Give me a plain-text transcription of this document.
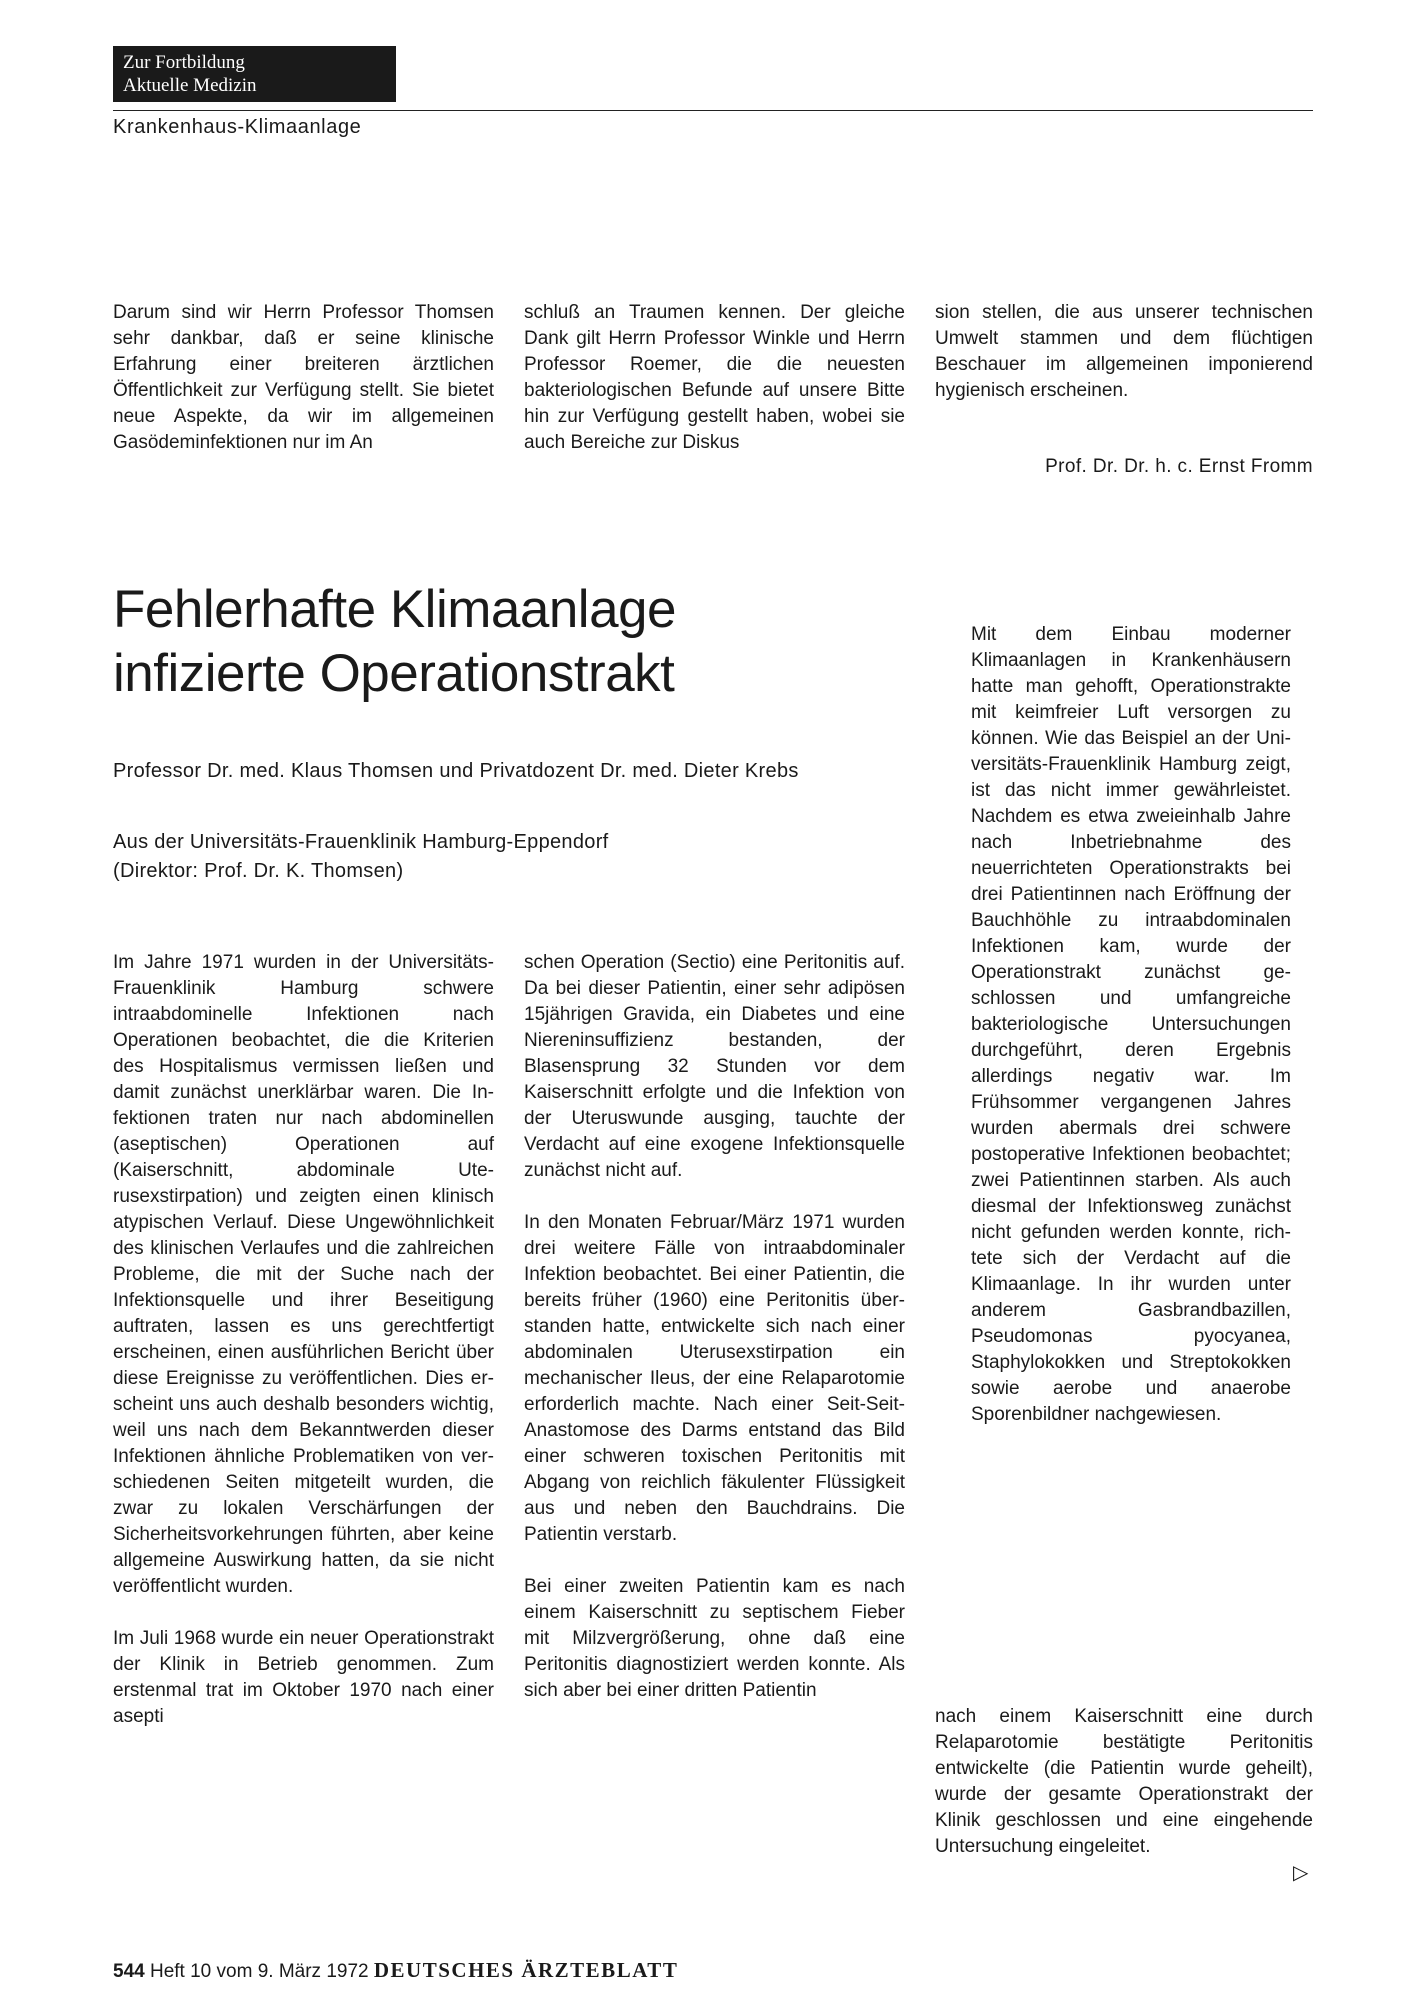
Zur Fortbildung
Aktuelle Medizin
Krankenhaus-Klimaanlage

Darum sind wir Herrn Professor Thomsen sehr dankbar, daß er seine klinische Erfahrung einer breiteren ärztlichen Öffentlichkeit zur Verfügung stellt. Sie bietet neue Aspekte, da wir im allgemeinen Gasödeminfektionen nur im An

schluß an Traumen kennen. Der gleiche Dank gilt Herrn Professor Winkle und Herrn Professor Roemer, die die neuesten bakteriologischen Befunde auf unsere Bitte hin zur Verfügung gestellt haben, wobei sie auch Bereiche zur Diskus

sion stellen, die aus unserer technischen Umwelt stammen und dem flüchtigen Beschauer im allgemeinen imponierend hygienisch erscheinen.

Prof. Dr. Dr. h. c. Ernst Fromm
Fehlerhafte Klimaanlage
infizierte Operationstrakt
Professor Dr. med. Klaus Thomsen und Privatdozent Dr. med. Dieter Krebs
Aus der Universitäts-Frauenklinik Hamburg-Eppendorf
(Direktor: Prof. Dr. K. Thomsen)

Mit dem Einbau moderner Klimaanlagen in Krankenhäusern hatte man gehofft, Operationstrakte mit keimfreier Luft versorgen zu können. Wie das Beispiel an der Universitäts-Frauenklinik Hamburg zeigt, ist das nicht immer gewährleistet. Nachdem es etwa zweieinhalb Jahre nach Inbetriebnahme des neuerrichteten Operationstrakts bei drei Patientinnen nach Eröffnung der Bauchhöhle zu intraabdominalen Infektionen kam, wurde der Operationstrakt zunächst geschlossen und umfangreiche bakteriologische Untersuchungen durchgeführt, deren Ergebnis allerdings negativ war. Im Frühsommer vergangenen Jahres wurden abermals drei schwere postoperative Infektionen beobachtet; zwei Patientinnen starben. Als auch diesmal der Infektionsweg zunächst nicht gefunden werden konnte, richtete sich der Verdacht auf die Klimaanlage. In ihr wurden unter anderem Gasbrandbazillen, Pseudomonas pyocyanea, Staphylokokken und Streptokokken sowie aerobe und anaerobe Sporenbildner nachgewiesen.

Im Jahre 1971 wurden in der Universitäts-Frauenklinik Hamburg schwere intraabdominelle Infektionen nach Operationen beobachtet, die die Kriterien des Hospitalismus vermissen ließen und damit zunächst unerklärbar waren. Die Infektionen traten nur nach abdominellen (aseptischen) Operationen auf (Kaiserschnitt, abdominale Uterusexstirpation) und zeigten einen klinisch atypischen Verlauf. Diese Ungewöhnlichkeit des klinischen Verlaufes und die zahlreichen Probleme, die mit der Suche nach der Infektionsquelle und ihrer Beseitigung auftraten, lassen es uns gerechtfertigt erscheinen, einen ausführlichen Bericht über diese Ereignisse zu veröffentlichen. Dies erscheint uns auch deshalb besonders wichtig, weil uns nach dem Bekanntwerden dieser Infektionen ähnliche Problematiken von verschiedenen Seiten mitgeteilt wurden, die zwar zu lokalen Verschärfungen der Sicherheitsvorkehrungen führten, aber keine allgemeine Auswirkung hatten, da sie nicht veröffentlicht wurden.

Im Juli 1968 wurde ein neuer Operationstrakt der Klinik in Betrieb genommen. Zum erstenmal trat im Oktober 1970 nach einer asepti

schen Operation (Sectio) eine Peritonitis auf. Da bei dieser Patientin, einer sehr adipösen 15jährigen Gravida, ein Diabetes und eine Niereninsuffizienz bestanden, der Blasensprung 32 Stunden vor dem Kaiserschnitt erfolgte und die Infektion von der Uteruswunde ausging, tauchte der Verdacht auf eine exogene Infektionsquelle zunächst nicht auf.

In den Monaten Februar/März 1971 wurden drei weitere Fälle von intraabdominaler Infektion beobachtet. Bei einer Patientin, die bereits früher (1960) eine Peritonitis überstanden hatte, entwickelte sich nach einer abdominalen Uterusexstirpation ein mechanischer Ileus, der eine Relaparotomie erforderlich machte. Nach einer Seit-Seit-Anastomose des Darms entstand das Bild einer schweren toxischen Peritonitis mit Abgang von reichlich fäkulenter Flüssigkeit aus und neben den Bauchdrains. Die Patientin verstarb.

Bei einer zweiten Patientin kam es nach einem Kaiserschnitt zu septischem Fieber mit Milzvergrößerung, ohne daß eine Peritonitis diagnostiziert werden konnte. Als sich aber bei einer dritten Patientin

nach einem Kaiserschnitt eine durch Relaparotomie bestätigte Peritonitis entwickelte (die Patientin wurde geheilt), wurde der gesamte Operationstrakt der Klinik geschlossen und eine eingehende Untersuchung eingeleitet.

▷
544 Heft 10 vom 9. März 1972 DEUTSCHES ÄRZTEBLATT
